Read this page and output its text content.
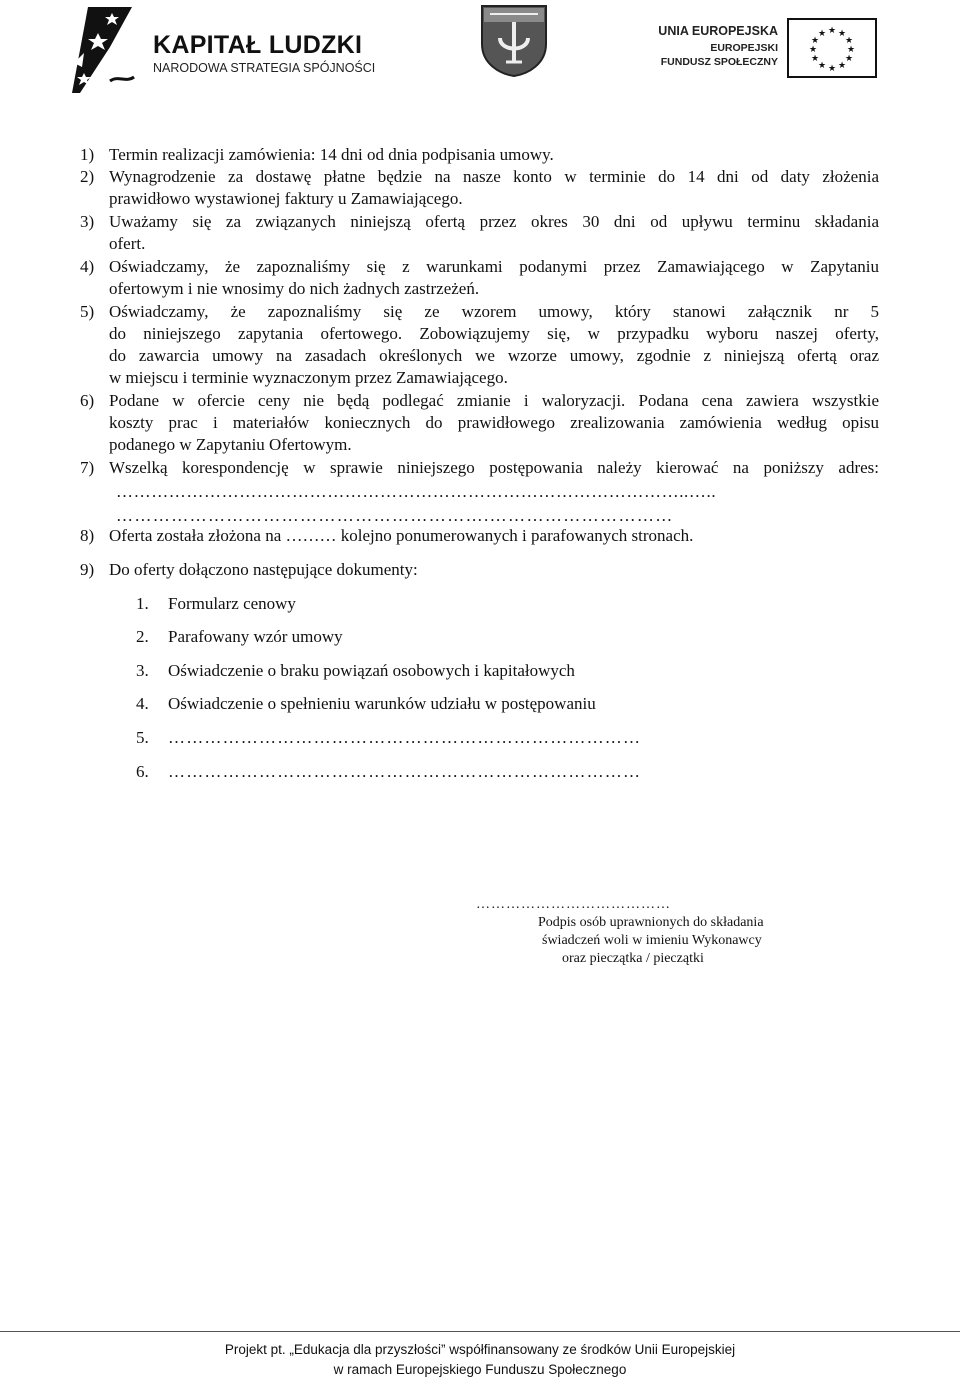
KAPITAŁ LUDZKI
NARODOWA STRATEGIA SPÓJNOŚCI
UNIA EUROPEJSKA
EUROPEJSKI
FUNDUSZ SPOŁECZNY
★ ★
★
★
★
★
★
★
★
★
★
★
1) Termin realizacji zamówienia: 14 dni od dnia podpisania umowy.
2) Wynagrodzenie za dostawę płatne będzie na nasze konto w terminie do 14 dni od daty złożenia
prawidłowo wystawionej faktury u Zamawiającego.
3) Uważamy się za związanych niniejszą ofertą przez okres 30 dni od upływu terminu składania
ofert.
4) Oświadczamy, że zapoznaliśmy się z warunkami podanymi przez Zamawiającego w Zapytaniu
ofertowym i nie wnosimy do nich żadnych zastrzeżeń.
5) Oświadczamy, że zapoznaliśmy się ze wzorem umowy, który stanowi załącznik nr 5
do niniejszego zapytania ofertowego. Zobowiązujemy się, w przypadku wyboru naszej oferty,
do zawarcia umowy na zasadach określonych we wzorze umowy, zgodnie z niniejszą ofertą oraz
w miejscu i terminie wyznaczonym przez Zamawiającego.
6) Podane w ofercie ceny nie będą podlegać zmianie i waloryzacji. Podana cena zawiera wszystkie
koszty prac i materiałów koniecznych do prawidłowego zrealizowania zamówienia według opisu
podanego w Zapytaniu Ofertowym.
7) Wszelką korespondencję w sprawie niniejszego postępowania należy kierować na poniższy adres:
……………………………………………………………………………………..…..
…………………………………………………….…………………………
8) Oferta została złożona na ……… kolejno ponumerowanych i parafowanych stronach.
9) Do oferty dołączono następujące dokumenty:
1. Formularz cenowy
2. Parafowany wzór umowy
3. Oświadczenie o braku powiązań osobowych i kapitałowych
4. Oświadczenie o spełnieniu warunków udziału w postępowaniu
5. ……………………………………………………………………
6. ……………………………………………………………………
…………………………………
Podpis osób uprawnionych do składania
świadczeń woli w imieniu Wykonawcy
oraz pieczątka / pieczątki
Projekt pt. „Edukacja dla przyszłości” współfinansowany ze środków Unii Europejskiej
w ramach Europejskiego Funduszu Społecznego
